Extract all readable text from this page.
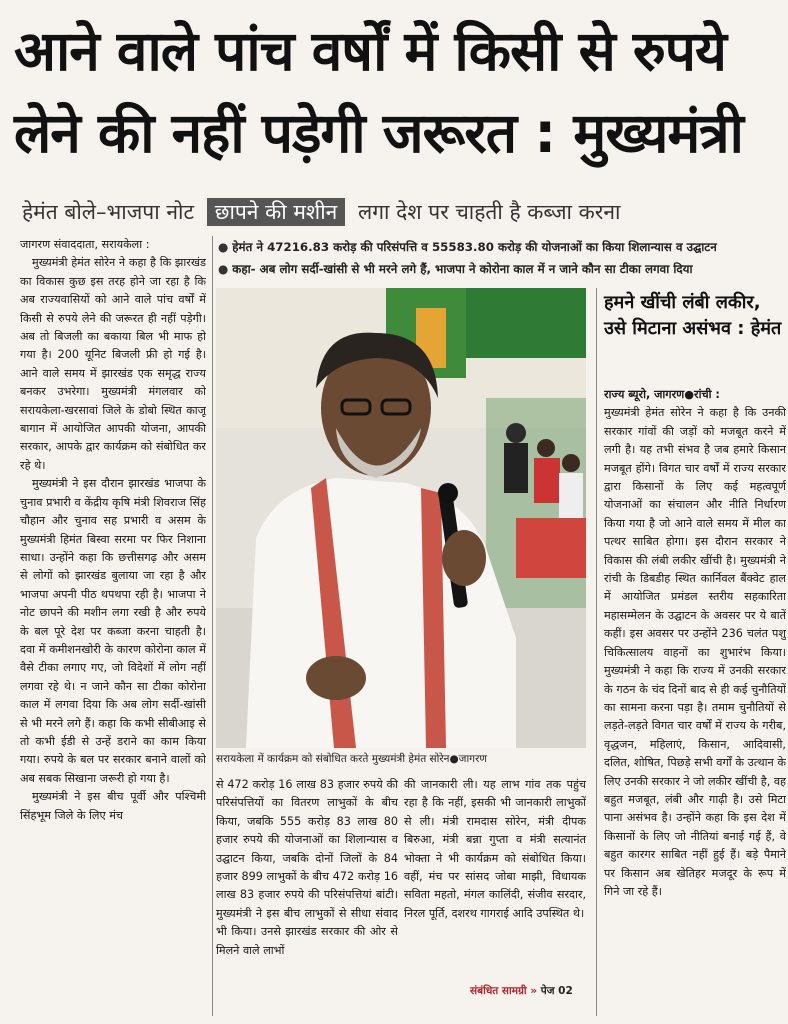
आने वाले पांच वर्षों में किसी से रुपये
लेने की नहीं पड़ेगी जरूरत : मुख्यमंत्री
हेमंत बोले–भाजपा नोट छापने की मशीन लगा देश पर चाहती है कब्जा करना
● हेमंत ने 47216.83 करोड़ की परिसंपत्ति व 55583.80 करोड़ की योजनाओं का किया शिलान्यास व उद्घाटन
● कहा- अब लोग सर्दी-खांसी से भी मरने लगे हैं, भाजपा ने कोरोना काल में न जाने कौन सा टीका लगवा दिया

जागरण संवाददाता, सरायकेला :

मुख्यमंत्री हेमंत सोरेन ने कहा है कि झारखंड का विकास कुछ इस तरह होने जा रहा है कि अब राज्यवासियों को आने वाले पांच वर्षों में किसी से रुपये लेने की जरूरत ही नहीं पड़ेगी। अब तो बिजली का बकाया बिल भी माफ हो गया है। 200 यूनिट बिजली फ्री हो गई है। आने वाले समय में झारखंड एक समृद्ध राज्य बनकर उभरेगा। मुख्यमंत्री मंगलवार को सरायकेला-खरसावां जिले के डोबो स्थित काजू बागान में आयोजित आपकी योजना, आपकी सरकार, आपके द्वार कार्यक्रम को संबोधित कर रहे थे।

मुख्यमंत्री ने इस दौरान झारखंड भाजपा के चुनाव प्रभारी व केंद्रीय कृषि मंत्री शिवराज सिंह चौहान और चुनाव सह प्रभारी व असम के मुख्यमंत्री हिमंत बिस्वा सरमा पर फिर निशाना साधा। उन्होंने कहा कि छत्तीसगढ़ और असम से लोगों को झारखंड बुलाया जा रहा है और भाजपा अपनी पीठ थपथपा रही है। भाजपा ने नोट छापने की मशीन लगा रखी है और रुपये के बल पूरे देश पर कब्जा करना चाहती है। दवा में कमीशनखोरी के कारण कोरोना काल में वैसे टीका लगाए गए, जो विदेशों में लोग नहीं लगवा रहे थे। न जाने कौन सा टीका कोरोना काल में लगवा दिया कि अब लोग सर्दी-खांसी से भी मरने लगे हैं। कहा कि कभी सीबीआइ से तो कभी ईडी से उन्हें डराने का काम किया गया। रुपये के बल पर सरकार बनाने वालों को अब सबक सिखाना जरूरी हो गया है।

मुख्यमंत्री ने इस बीच पूर्वी और पश्चिमी सिंहभूम जिले के लिए मंच

सरायकेला में कार्यक्रम को संबोधित करते मुख्यमंत्री हेमंत सोरेन●जागरण

से 472 करोड़ 16 लाख 83 हजार रुपये की परिसंपत्तियों का वितरण लाभुकों के बीच किया, जबकि 555 करोड़ 83 लाख 80 हजार रुपये की योजनाओं का शिलान्यास व उद्घाटन किया, जबकि दोनों जिलों के 84 हजार 899 लाभुकों के बीच 472 करोड़ 16 लाख 83 हजार रुपये की परिसंपत्तियां बांटी। मुख्यमंत्री ने इस बीच लाभुकों से सीधा संवाद भी किया। उनसे झारखंड सरकार की ओर से मिलने वाले लाभों

की जानकारी ली। यह लाभ गांव तक पहुंच रहा है कि नहीं, इसकी भी जानकारी लाभुकों से ली। मंत्री रामदास सोरेन, मंत्री दीपक बिरुआ, मंत्री बन्ना गुप्ता व मंत्री सत्यानंत भोक्ता ने भी कार्यक्रम को संबोधित किया। वहीं, मंच पर सांसद जोबा माझी, विधायक सविता महतो, मंगल कालिंदी, संजीव सरदार, निरल पूर्ति, दशरथ गागराई आदि उपस्थित थे।

संबंधित सामग्री » पेज 02
हमने खींची लंबी लकीर, उसे मिटाना असंभव : हेमंत

राज्य ब्यूरो, जागरण●रांची :

मुख्यमंत्री हेमंत सोरेन ने कहा है कि उनकी सरकार गांवों की जड़ों को मजबूत करने में लगी है। यह तभी संभव है जब हमारे किसान मजबूत होंगे। विगत चार वर्षों में राज्य सरकार द्वारा किसानों के लिए कई महत्वपूर्ण योजनाओं का संचालन और नीति निर्धारण किया गया है जो आने वाले समय में मील का पत्थर साबित होगा। इस दौरान सरकार ने विकास की लंबी लकीर खींची है। मुख्यमंत्री ने रांची के डिबडीह स्थित कार्निवल बैंक्वेट हाल में आयोजित प्रमंडल स्तरीय सहकारिता महासम्मेलन के उद्घाटन के अवसर पर ये बातें कहीं। इस अवसर पर उन्होंने 236 चलंत पशु चिकित्सालय वाहनों का शुभारंभ किया। मुख्यमंत्री ने कहा कि राज्य में उनकी सरकार के गठन के चंद दिनों बाद से ही कई चुनौतियों का सामना करना पड़ा है। तमाम चुनौतियों से लड़ते-लड़ते विगत चार वर्षों में राज्य के गरीब, वृद्धजन, महिलाएं, किसान, आदिवासी, दलित, शोषित, पिछड़े सभी वर्गों के उत्थान के लिए उनकी सरकार ने जो लकीर खींची है, वह बहुत मजबूत, लंबी और गाढ़ी है। उसे मिटा पाना असंभव है। उन्होंने कहा कि इस देश में किसानों के लिए जो नीतियां बनाई गई हैं, वे बहुत कारगर साबित नहीं हुई हैं। बड़े पैमाने पर किसान अब खेतिहर मजदूर के रूप में गिने जा रहे हैं।
